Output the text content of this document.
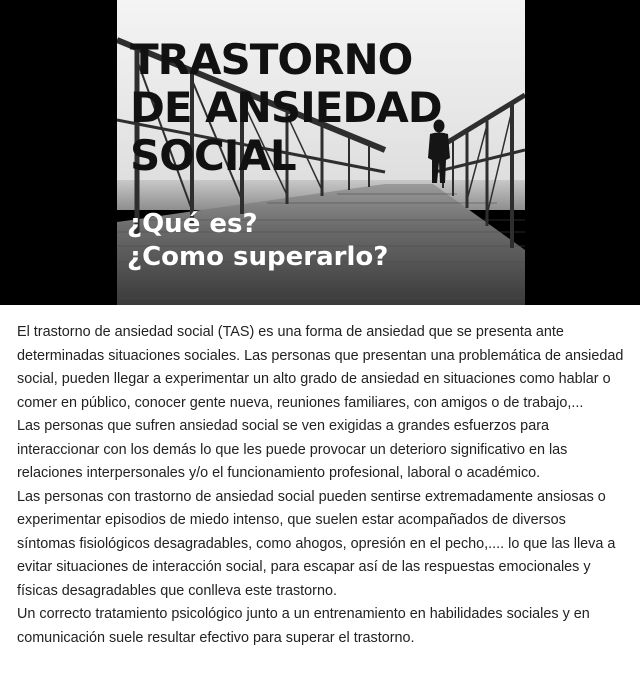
TRASTORNO
DE ANSIEDAD
SOCIAL
¿Qué es?
¿Como superarlo?

El trastorno de ansiedad social (TAS) es una forma de ansiedad que se presenta ante determinadas situaciones sociales. Las personas que presentan una problemática de ansiedad social, pueden llegar a experimentar un alto grado de ansiedad en situaciones como hablar o comer en público, conocer gente nueva, reuniones familiares, con amigos o de trabajo,...

Las personas que sufren ansiedad social se ven exigidas a grandes esfuerzos para interaccionar con los demás lo que les puede provocar un deterioro significativo en las relaciones interpersonales y/o el funcionamiento profesional, laboral o académico.

Las personas con trastorno de ansiedad social pueden sentirse extremadamente ansiosas o experimentar episodios de miedo intenso, que suelen estar acompañados de diversos síntomas fisiológicos desagradables, como ahogos, opresión en el pecho,.... lo que las lleva a evitar situaciones de interacción social, para escapar así de las respuestas emocionales y físicas desagradables que conlleva este trastorno.

Un correcto tratamiento psicológico junto a un entrenamiento en habilidades sociales y en comunicación suele resultar efectivo para superar el trastorno.
